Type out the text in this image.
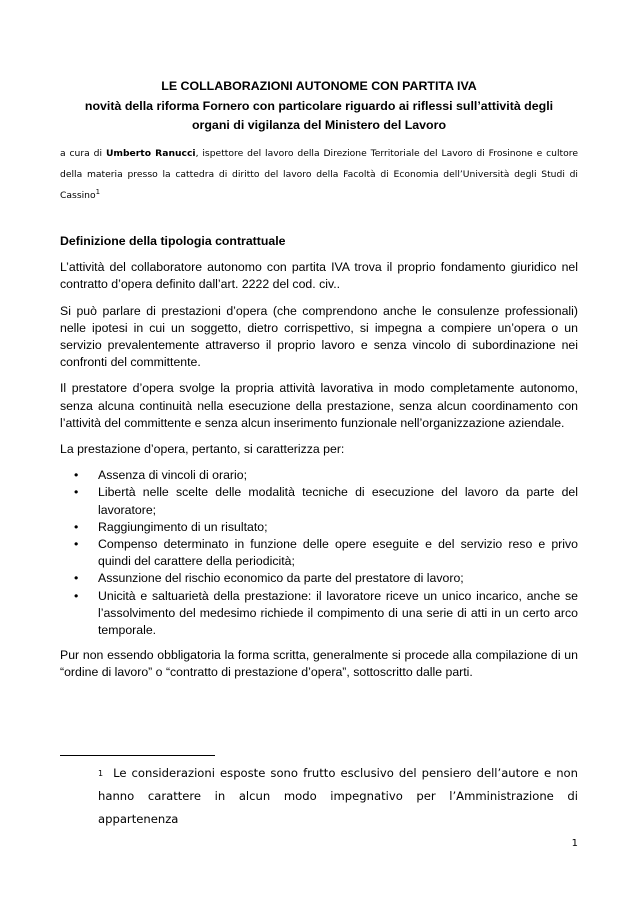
LE COLLABORAZIONI AUTONOME CON PARTITA IVA
novità della riforma Fornero con particolare riguardo ai riflessi sull’attività degli
organi di vigilanza del Ministero del Lavoro
a cura di Umberto Ranucci, ispettore del lavoro della Direzione Territoriale del Lavoro di Frosinone e cultore della materia presso la cattedra di diritto del lavoro della Facoltà di Economia dell’Università degli Studi di Cassino$^1$
Definizione della tipologia contrattuale

L’attività del collaboratore autonomo con partita IVA trova il proprio fondamento giuridico nel contratto d’opera definito dall’art. 2222 del cod. civ..

Si può parlare di prestazioni d’opera (che comprendono anche le consulenze professionali) nelle ipotesi in cui un soggetto, dietro corrispettivo, si impegna a compiere un’opera o un servizio prevalentemente attraverso il proprio lavoro e senza vincolo di subordinazione nei confronti del committente.

Il prestatore d’opera svolge la propria attività lavorativa in modo completamente autonomo, senza alcuna continuità nella esecuzione della prestazione, senza alcun coordinamento con l’attività del committente e senza alcun inserimento funzionale nell’organizzazione aziendale.

La prestazione d’opera, pertanto, si caratterizza per:

• Assenza di vincoli di orario;
• Libertà nelle scelte delle modalità tecniche di esecuzione del lavoro da parte del lavoratore;
• Raggiungimento di un risultato;
• Compenso determinato in funzione delle opere eseguite e del servizio reso e privo quindi del carattere della periodicità;
• Assunzione del rischio economico da parte del prestatore di lavoro;
• Unicità e saltuarietà della prestazione: il lavoratore riceve un unico incarico, anche se l’assolvimento del medesimo richiede il compimento di una serie di atti in un certo arco temporale.

Pur non essendo obbligatoria la forma scritta, generalmente si procede alla compilazione di un “ordine di lavoro” o “contratto di prestazione d’opera”, sottoscritto dalle parti.

$^1$ Le considerazioni esposte sono frutto esclusivo del pensiero dell’autore e non hanno carattere in alcun modo impegnativo per l’Amministrazione di appartenenza
1
